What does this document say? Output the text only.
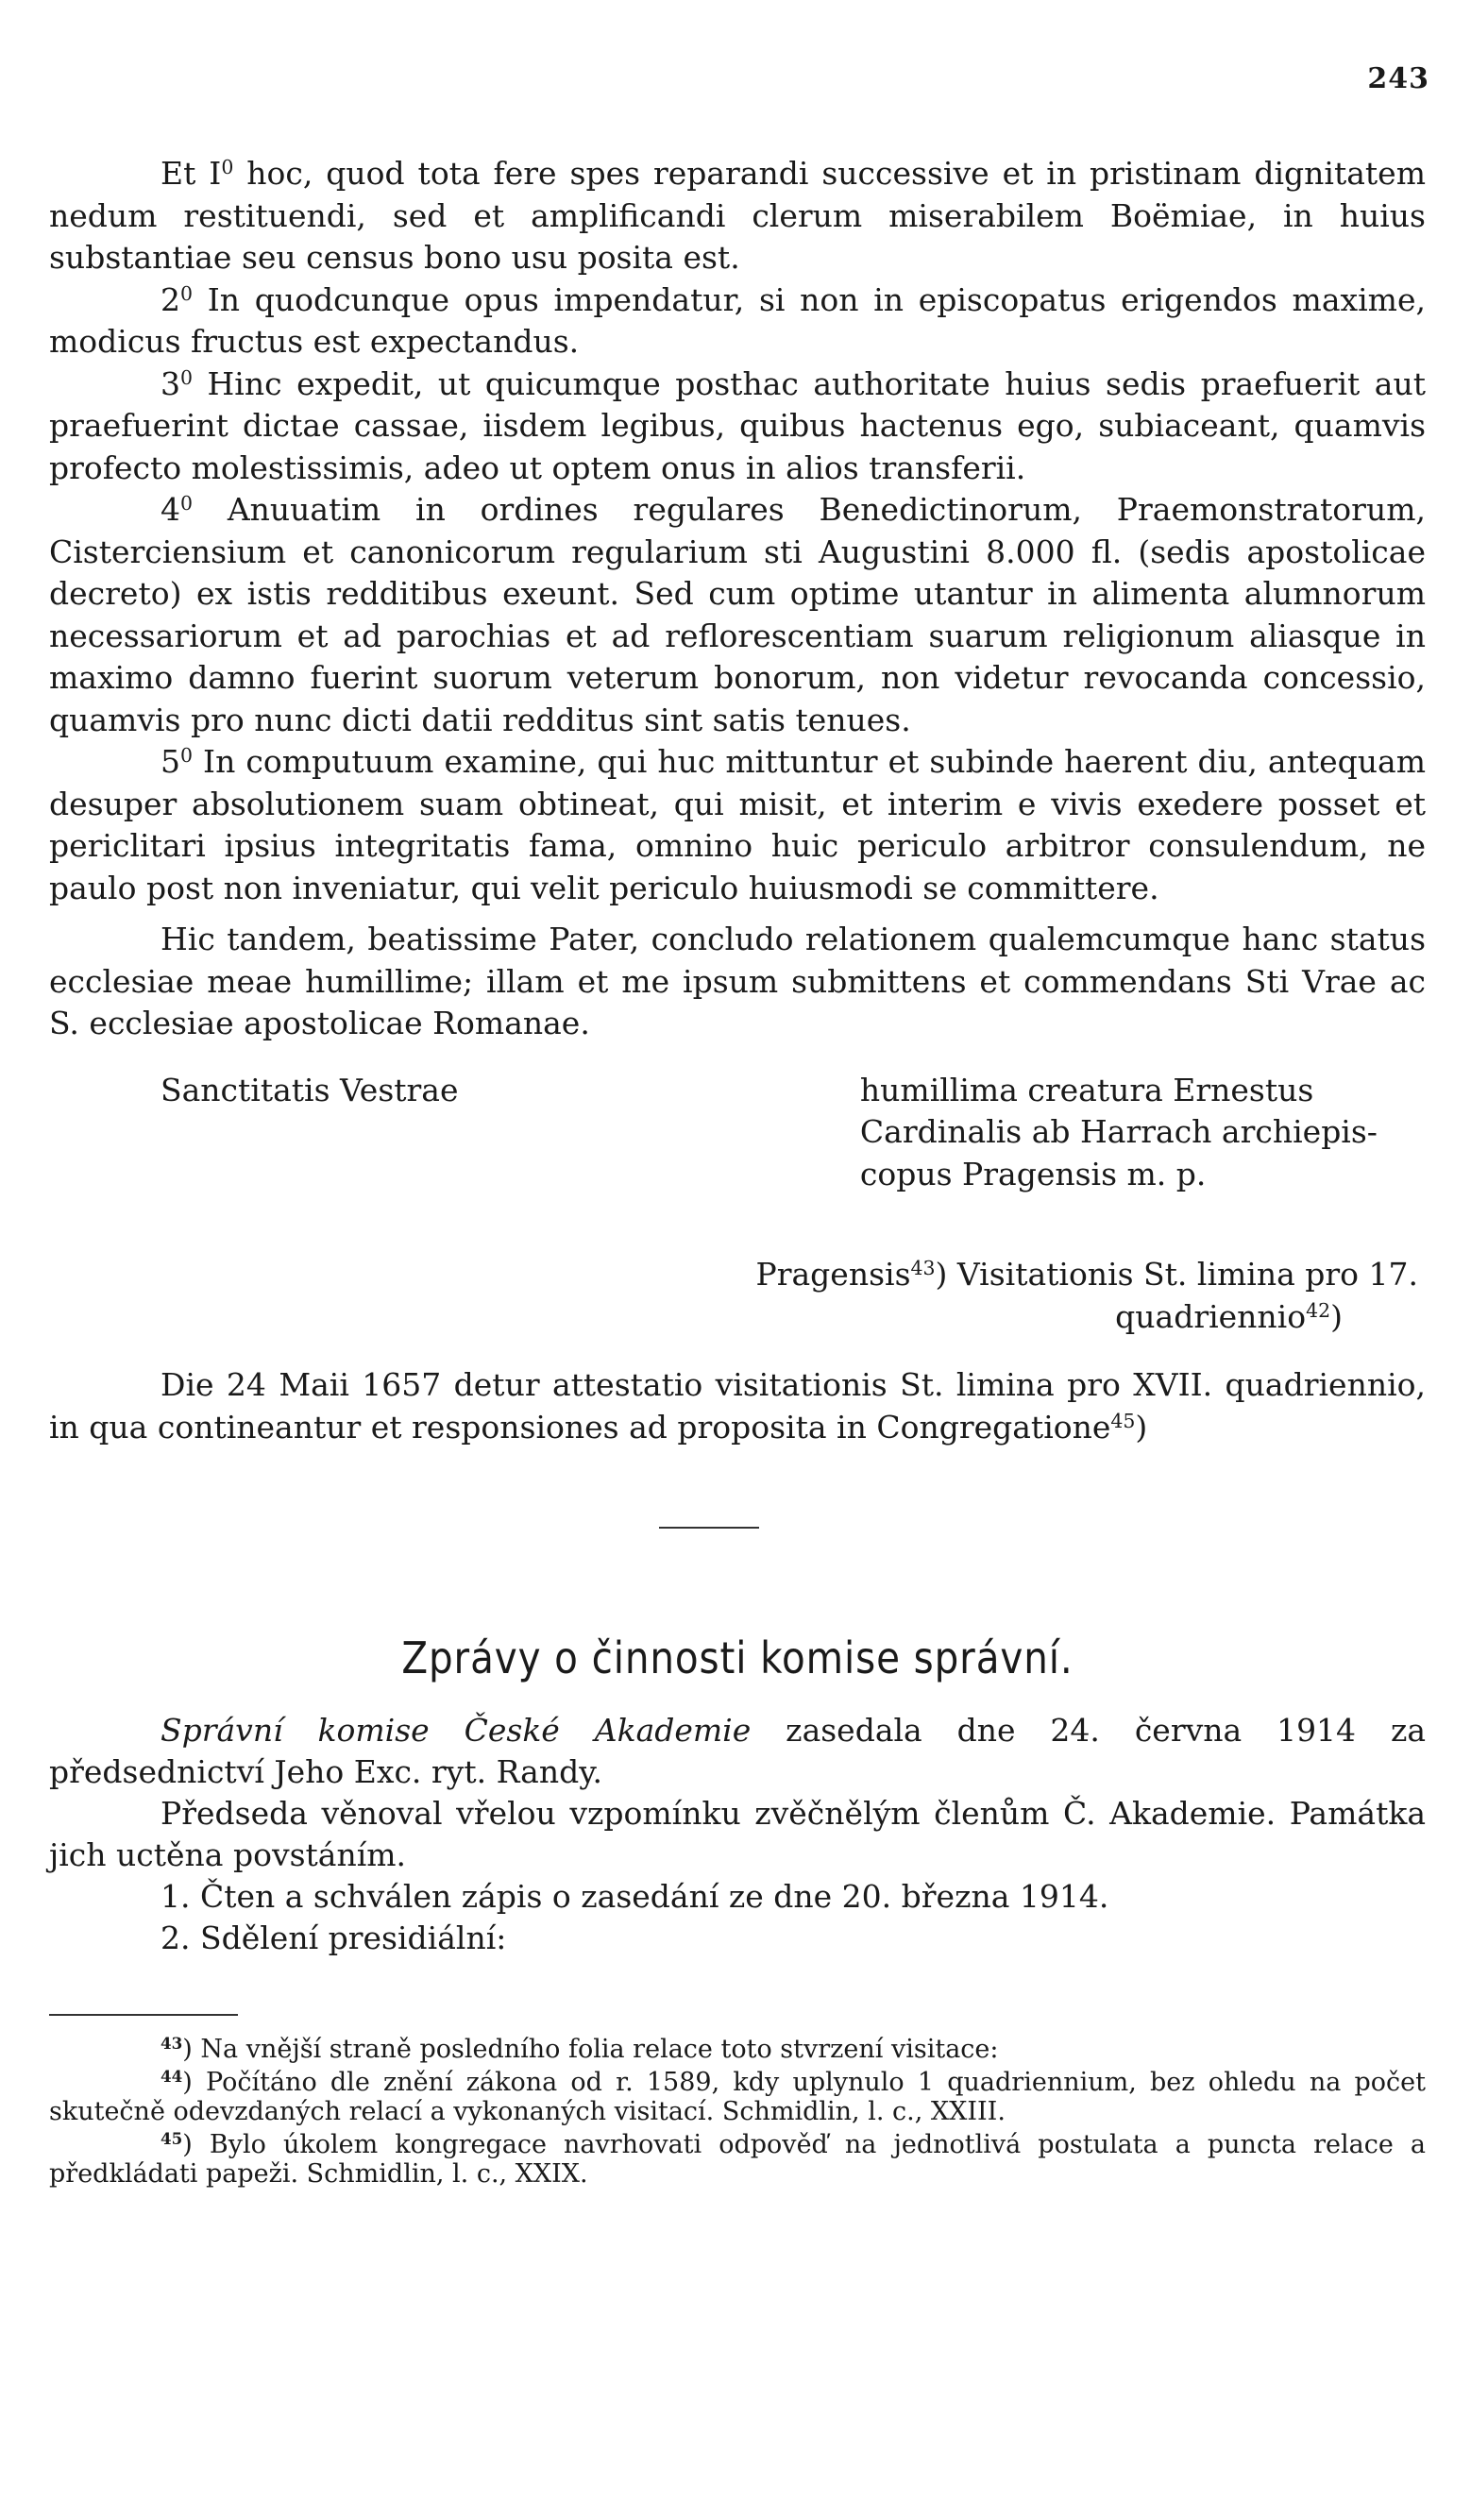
243

Et $I^0$ hoc, quod tota fere spes reparandi successive et in pristinam dignitatem nedum restituendi, sed et amplificandi clerum miserabilem Boëmiae, in huius substantiae seu census bono usu posita est.

$2^0$ In quodcunque opus impendatur, si non in episcopatus erigendos maxime, modicus fructus est expectandus.

$3^0$ Hinc expedit, ut quicumque posthac authoritate huius sedis praefuerit aut praefuerint dictae cassae, iisdem legibus, quibus hactenus ego, subiaceant, quamvis profecto molestissimis, adeo ut optem onus in alios transferii.

$4^0$ Anuuatim in ordines regulares Benedictinorum, Praemonstratorum, Cisterciensium et canonicorum regularium sti Augustini 8.000 fl. (sedis apostolicae decreto) ex istis redditibus exeunt. Sed cum optime utantur in alimenta alumnorum necessariorum et ad parochias et ad reflorescentiam suarum religionum aliasque in maximo damno fuerint suorum veterum bonorum, non videtur revocanda concessio, quamvis pro nunc dicti datii redditus sint satis tenues.

$5^0$ In computuum examine, qui huc mittuntur et subinde haerent diu, antequam desuper absolutionem suam obtineat, qui misit, et interim e vivis exedere posset et periclitari ipsius integritatis fama, omnino huic periculo arbitror consulendum, ne paulo post non inveniatur, qui velit periculo huiusmodi se committere.

Hic tandem, beatissime Pater, concludo relationem qualemcumque hanc status ecclesiae meae humillime; illam et me ipsum submittens et commendans Sti Vrae ac S. ecclesiae apostolicae Romanae.

Sanctitatis Vestrae	humillima creatura Ernestus
Cardinalis ab Harrach archiepis-
copus Pragensis m. p.
Pragensis$^{43}$) Visitationis St. limina pro 17.
quadriennio$^{42}$)
Die 24 Maii 1657 detur attestatio visitationis St. limina pro XVII. quadriennio, in qua contineantur et responsiones ad proposita in Congregatione$^{45}$)
Zprávy o činnosti komise správní.

Správní komise České Akademie zasedala dne 24. června 1914 za předsednictví Jeho Exc. ryt. Randy.

Předseda věnoval vřelou vzpomínku zvěčnělým členům Č. Akademie. Památka jich uctěna povstáním.

1. Čten a schválen zápis o zasedání ze dne 20. března 1914.

2. Sdělení presidiální:

$^{43}$) Na vnější straně posledního folia relace toto stvrzení visitace:

$^{44}$) Počítáno dle znění zákona od r. 1589, kdy uplynulo 1 quadriennium, bez ohledu na počet skutečně odevzdaných relací a vykonaných visitací. Schmidlin, l. c., XXIII.

$^{45}$) Bylo úkolem kongregace navrhovati odpověď na jednotlivá postulata a puncta relace a předkládati papeži. Schmidlin, l. c., XXIX.
